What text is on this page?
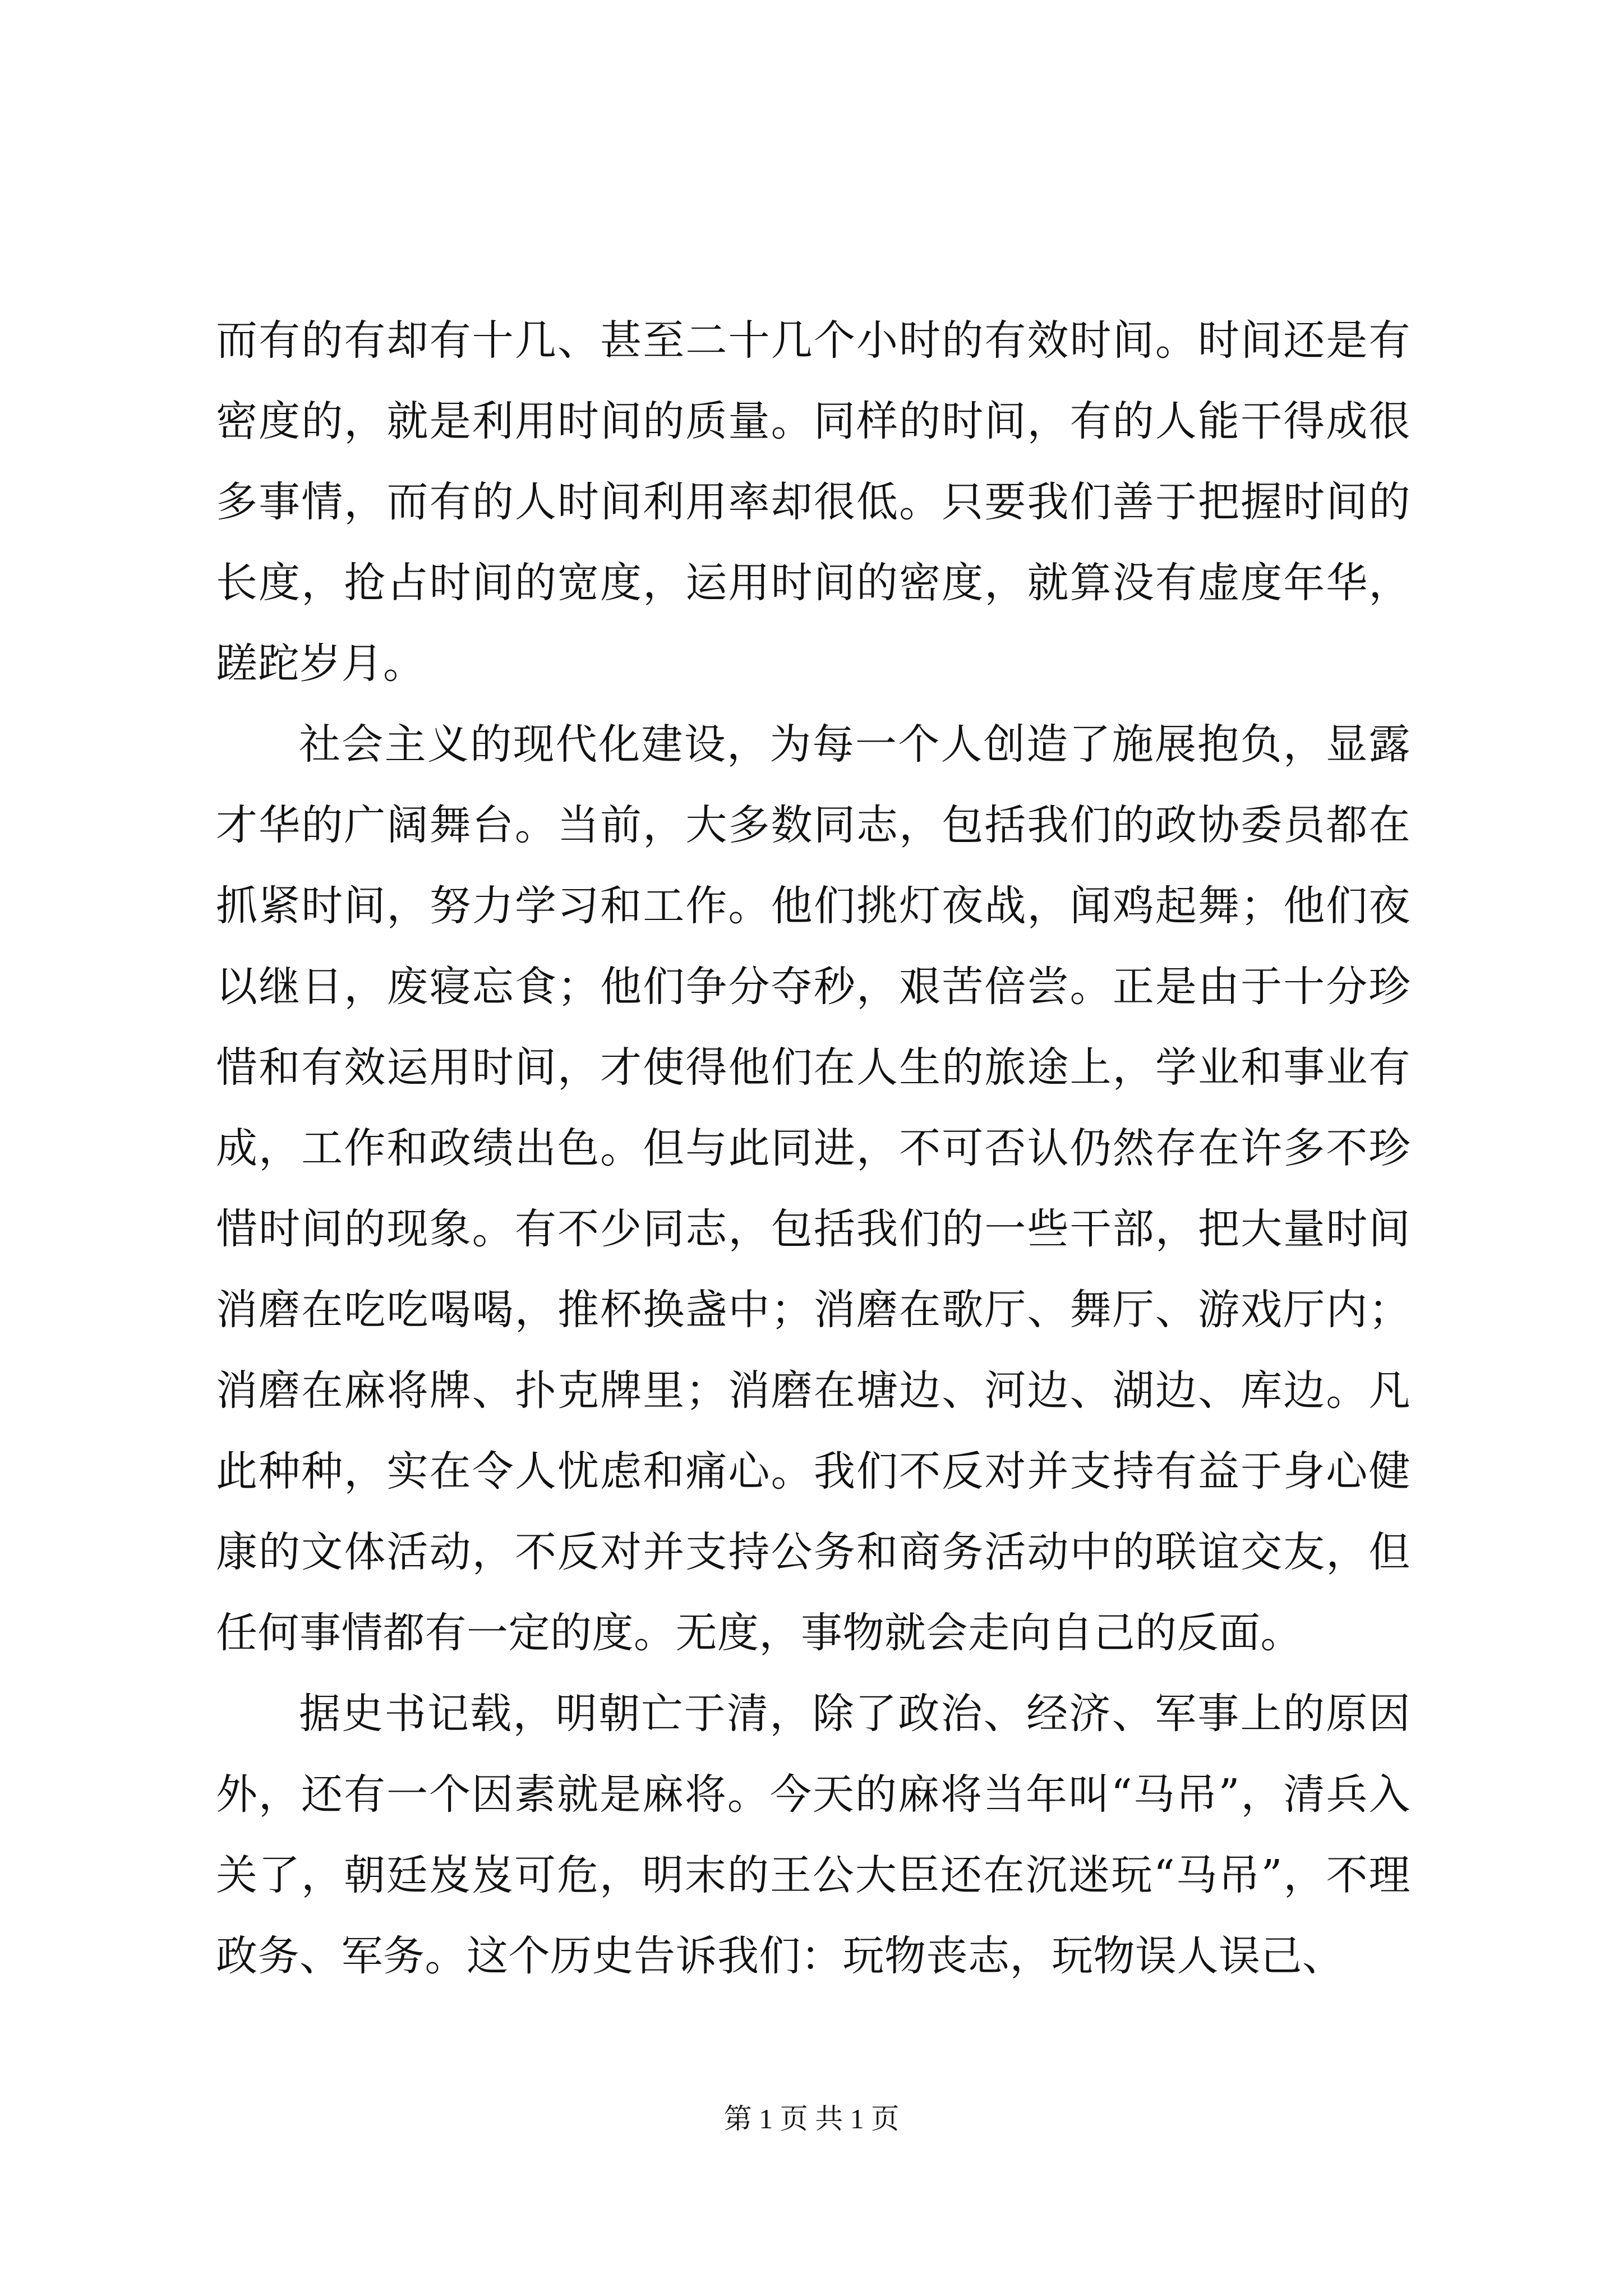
而有的有却有十几、甚至二十几个小时的有效时间。时间还是有密度的，就是利用时间的质量。同样的时间，有的人能干得成很多事情，而有的人时间利用率却很低。只要我们善于把握时间的长度，抢占时间的宽度，运用时间的密度，就算没有虚度年华，蹉跎岁月。

社会主义的现代化建设，为每一个人创造了施展抱负，显露才华的广阔舞台。当前，大多数同志，包括我们的政协委员都在抓紧时间，努力学习和工作。他们挑灯夜战，闻鸡起舞；他们夜以继日，废寝忘食；他们争分夺秒，艰苦倍尝。正是由于十分珍惜和有效运用时间，才使得他们在人生的旅途上，学业和事业有成，工作和政绩出色。但与此同进，不可否认仍然存在许多不珍惜时间的现象。有不少同志，包括我们的一些干部，把大量时间消磨在吃吃喝喝，推杯换盏中；消磨在歌厅、舞厅、游戏厅内；消磨在麻将牌、扑克牌里；消磨在塘边、河边、湖边、库边。凡此种种，实在令人忧虑和痛心。我们不反对并支持有益于身心健康的文体活动，不反对并支持公务和商务活动中的联谊交友，但任何事情都有一定的度。无度，事物就会走向自己的反面。

据史书记载，明朝亡于清，除了政治、经济、军事上的原因外，还有一个因素就是麻将。今天的麻将当年叫“马吊”，清兵入关了，朝廷岌岌可危，明末的王公大臣还在沉迷玩“马吊”，不理政务、军务。这个历史告诉我们：玩物丧志，玩物误人误己、

第 1 页 共 1 页
